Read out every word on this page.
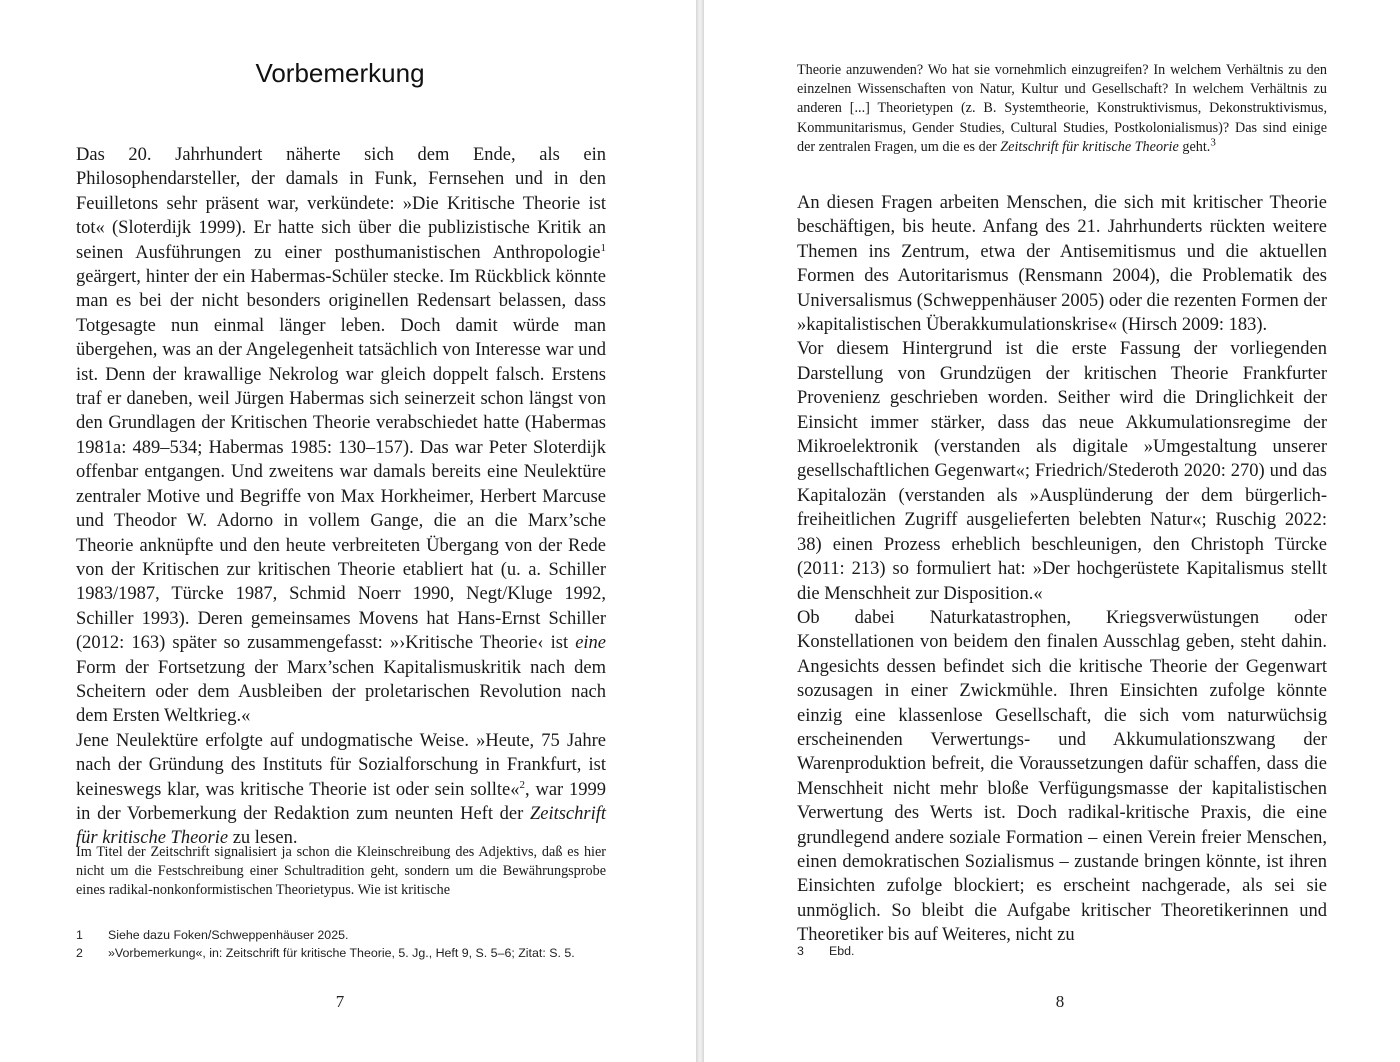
Vorbemerkung

Das 20. Jahrhundert näherte sich dem Ende, als ein Philosophendarsteller, der damals in Funk, Fernsehen und in den Feuilletons sehr präsent war, verkündete: »Die Kritische Theorie ist tot« (Sloterdijk 1999). Er hatte sich über die publizistische Kritik an seinen Ausführungen zu einer posthumanistischen Anthropologie$^1$ geärgert, hinter der ein Habermas-Schüler stecke. Im Rückblick könnte man es bei der nicht besonders originellen Redensart belassen, dass Totgesagte nun einmal länger leben. Doch damit würde man übergehen, was an der Angelegenheit tatsächlich von Interesse war und ist. Denn der krawallige Nekrolog war gleich doppelt falsch. Erstens traf er daneben, weil Jürgen Habermas sich seinerzeit schon längst von den Grundlagen der Kritischen Theorie verabschiedet hatte (Habermas 1981a: 489–534; Habermas 1985: 130–157). Das war Peter Sloterdijk offenbar entgangen. Und zweitens war damals bereits eine Neulektüre zentraler Motive und Begriffe von Max Horkheimer, Herbert Marcuse und Theodor W. Adorno in vollem Gange, die an die Marx’sche Theorie anknüpfte und den heute verbreiteten Übergang von der Rede von der Kritischen zur kritischen Theorie etabliert hat (u. a. Schiller 1983/1987, Türcke 1987, Schmid Noerr 1990, Negt/Kluge 1992, Schiller 1993). Deren gemeinsames Movens hat Hans-Ernst Schiller (2012: 163) später so zusammengefasst: »›Kritische Theorie‹ ist eine Form der Fortsetzung der Marx’schen Kapitalismuskritik nach dem Scheitern oder dem Ausbleiben der proletarischen Revolution nach dem Ersten Weltkrieg.«

Jene Neulektüre erfolgte auf undogmatische Weise. »Heute, 75 Jahre nach der Gründung des Instituts für Sozialforschung in Frankfurt, ist keineswegs klar, was kritische Theorie ist oder sein sollte«$^2$, war 1999 in der Vorbemerkung der Redaktion zum neunten Heft der Zeitschrift für kritische Theorie zu lesen.

Im Titel der Zeitschrift signalisiert ja schon die Kleinschreibung des Adjektivs, daß es hier nicht um die Festschreibung einer Schultradition geht, sondern um die Bewährungsprobe eines radikal-nonkonformistischen Theorietypus. Wie ist kritische

1	Siehe dazu Foken/Schweppenhäuser 2025.
2	»Vorbemerkung«, in: Zeitschrift für kritische Theorie, 5. Jg., Heft 9, S. 5–6; Zitat: S. 5.
7

Theorie anzuwenden? Wo hat sie vornehmlich einzugreifen? In welchem Verhältnis zu den einzelnen Wissenschaften von Natur, Kultur und Gesellschaft? In welchem Verhältnis zu anderen [...] Theorietypen (z. B. Systemtheorie, Konstruktivismus, Dekonstruktivismus, Kommunitarismus, Gender Studies, Cultural Studies, Postkolonialismus)? Das sind einige der zentralen Fragen, um die es der Zeitschrift für kritische Theorie geht.$^3$

An diesen Fragen arbeiten Menschen, die sich mit kritischer Theorie beschäftigen, bis heute. Anfang des 21. Jahrhunderts rückten weitere Themen ins Zentrum, etwa der Antisemitismus und die aktuellen Formen des Autoritarismus (Rensmann 2004), die Problematik des Universalismus (Schweppenhäuser 2005) oder die rezenten Formen der »kapitalistischen Überakkumulationskrise« (Hirsch 2009: 183).

Vor diesem Hintergrund ist die erste Fassung der vorliegenden Darstellung von Grundzügen der kritischen Theorie Frankfurter Provenienz geschrieben worden. Seither wird die Dringlichkeit der Einsicht immer stärker, dass das neue Akkumulationsregime der Mikroelektronik (verstanden als digitale »Umgestaltung unserer gesellschaftlichen Gegenwart«; Friedrich/Stederoth 2020: 270) und das Kapitalozän (verstanden als »Ausplünderung der dem bürgerlich-freiheitlichen Zugriff ausgelieferten belebten Natur«; Ruschig 2022: 38) einen Prozess erheblich beschleunigen, den Christoph Türcke (2011: 213) so formuliert hat: »Der hochgerüstete Kapitalismus stellt die Menschheit zur Disposition.«

Ob dabei Naturkatastrophen, Kriegsverwüstungen oder Konstellationen von beidem den finalen Ausschlag geben, steht dahin. Angesichts dessen befindet sich die kritische Theorie der Gegenwart sozusagen in einer Zwickmühle. Ihren Einsichten zufolge könnte einzig eine klassenlose Gesellschaft, die sich vom naturwüchsig erscheinenden Verwertungs- und Akkumulationszwang der Warenproduktion befreit, die Voraussetzungen dafür schaffen, dass die Menschheit nicht mehr bloße Verfügungsmasse der kapitalistischen Verwertung des Werts ist. Doch radikal-kritische Praxis, die eine grundlegend andere soziale Formation – einen Verein freier Menschen, einen demokratischen Sozialismus – zustande bringen könnte, ist ihren Einsichten zufolge blockiert; es erscheint nachgerade, als sei sie unmöglich. So bleibt die Aufgabe kritischer Theoretikerinnen und Theoretiker bis auf Weiteres, nicht zu

3	Ebd.
8
